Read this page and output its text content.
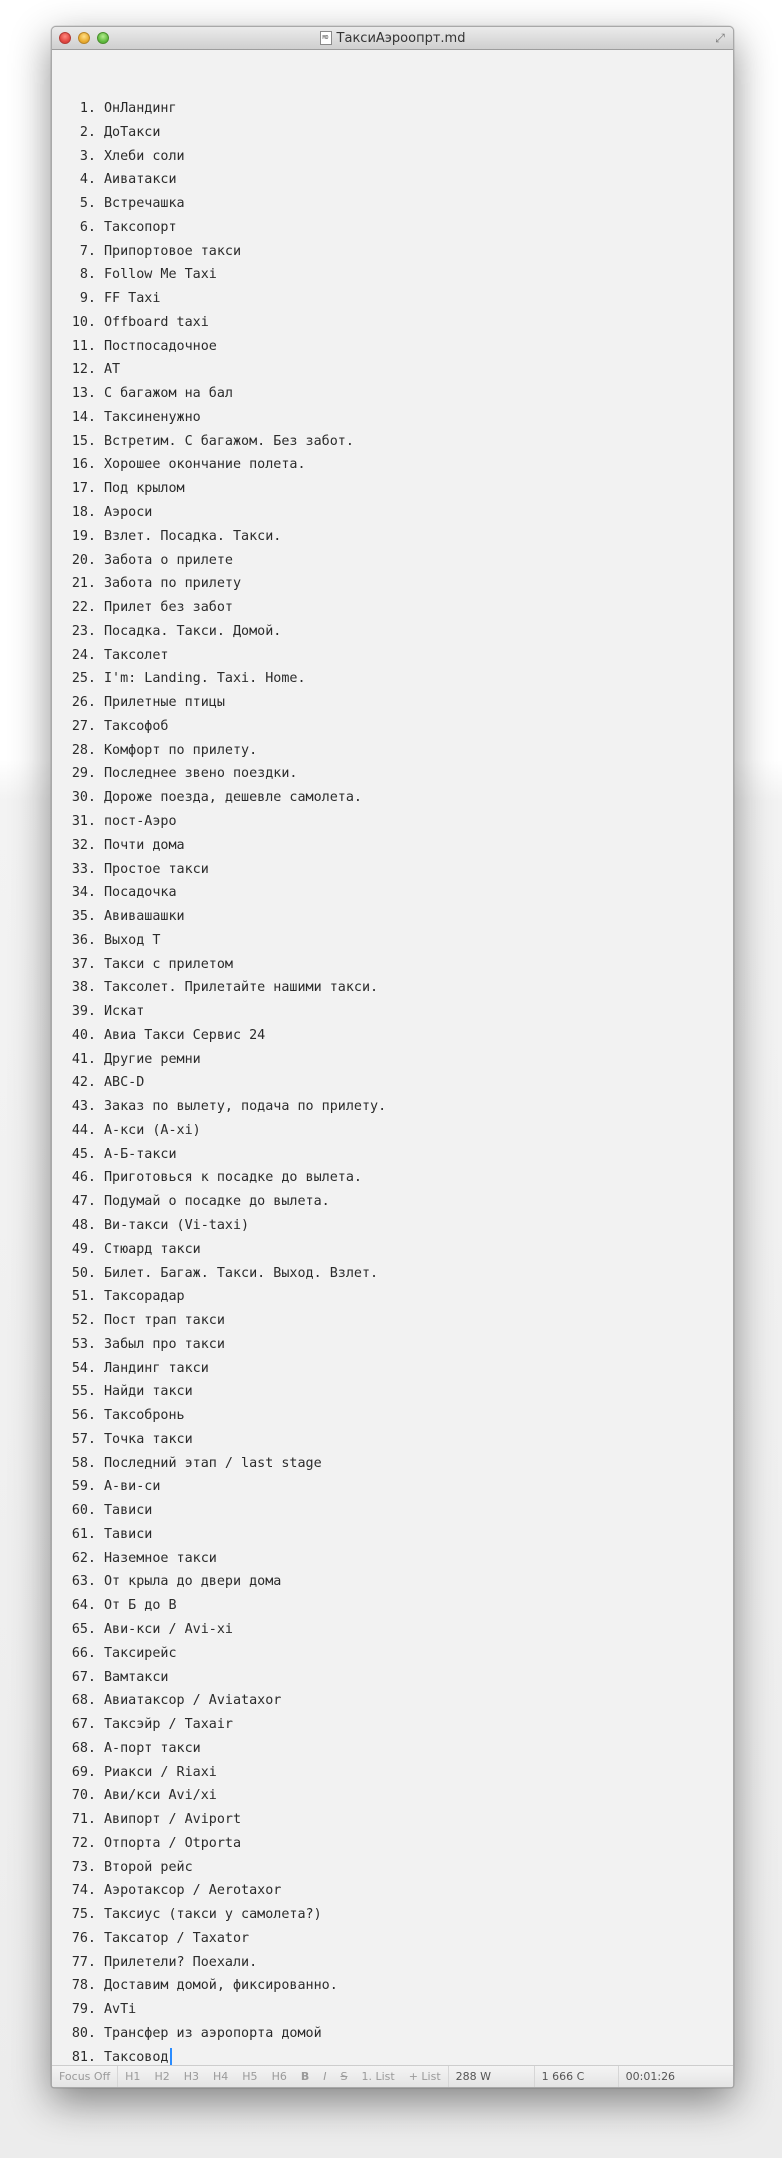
MD ТаксиАэроопрт.md	⤢
1. ОнЛандинг
2. ДоТакси
3. Хлеби соли
4. Аиватакси
5. Встречашка
6. Таксопорт
7. Припортовое такси
8. Follow Me Taxi
9. FF Taxi
10. Offboard taxi
11. Постпосадочное
12. AT
13. С багажом на бал
14. Таксиненужно
15. Встретим. С багажом. Без забот.
16. Хорошее окончание полета.
17. Под крылом
18. Аэроси
19. Взлет. Посадка. Такси.
20. Забота о прилете
21. Забота по прилету
22. Прилет без забот
23. Посадка. Такси. Домой.
24. Таксолет
25. I'm: Landing. Taxi. Home.
26. Прилетные птицы
27. Таксофоб
28. Комфорт по прилету.
29. Последнее звено поездки.
30. Дороже поезда, дешевле самолета.
31. пост-Аэро
32. Почти дома
33. Простое такси
34. Посадочка
35. Авивашашки
36. Выход Т
37. Такси с прилетом
38. Таксолет. Прилетайте нашими такси.
39. Искат
40. Авиа Такси Сервис 24
41. Другие ремни
42. ABC-D
43. Заказ по вылету, подача по прилету.
44. А-кси (А-xi)
45. А-Б-такси
46. Приготовься к посадке до вылета.
47. Подумай о посадке до вылета.
48. Ви-такси (Vi-taxi)
49. Стюард такси
50. Билет. Багаж. Такси. Выход. Взлет.
51. Таксорадар
52. Пост трап такси
53. Забыл про такси
54. Ландинг такси
55. Найди такси
56. Таксобронь
57. Точка такси
58. Последний этап / last stage
59. А-ви-си
60. Тависи
61. Тависи
62. Наземное такси
63. От крыла до двери дома
64. От Б до В
65. Ави-кси / Avi-xi
66. Таксирейс
67. Вамтакси
68. Авиатаксор / Aviataxor
67. Таксэйр / Taxair
68. А-порт такси
69. Риакси / Riaxi
70. Ави/кси Avi/xi
71. Авипорт / Aviport
72. Отпорта / Otporta
73. Второй рейс
74. Аэротаксор / Aerotaxor
75. Таксиус (такси у самолета?)
76. Таксатор / Taxator
77. Прилетели? Поехали.
78. Доставим домой, фиксированно.
79. AvTi
80. Трансфер из аэропорта домой
81. Таксовод
Focus Off	H1	H2	H3	H4	H5	H6	B	I	S	1. List	+ List	288 W	1 666 C	00:01:26
